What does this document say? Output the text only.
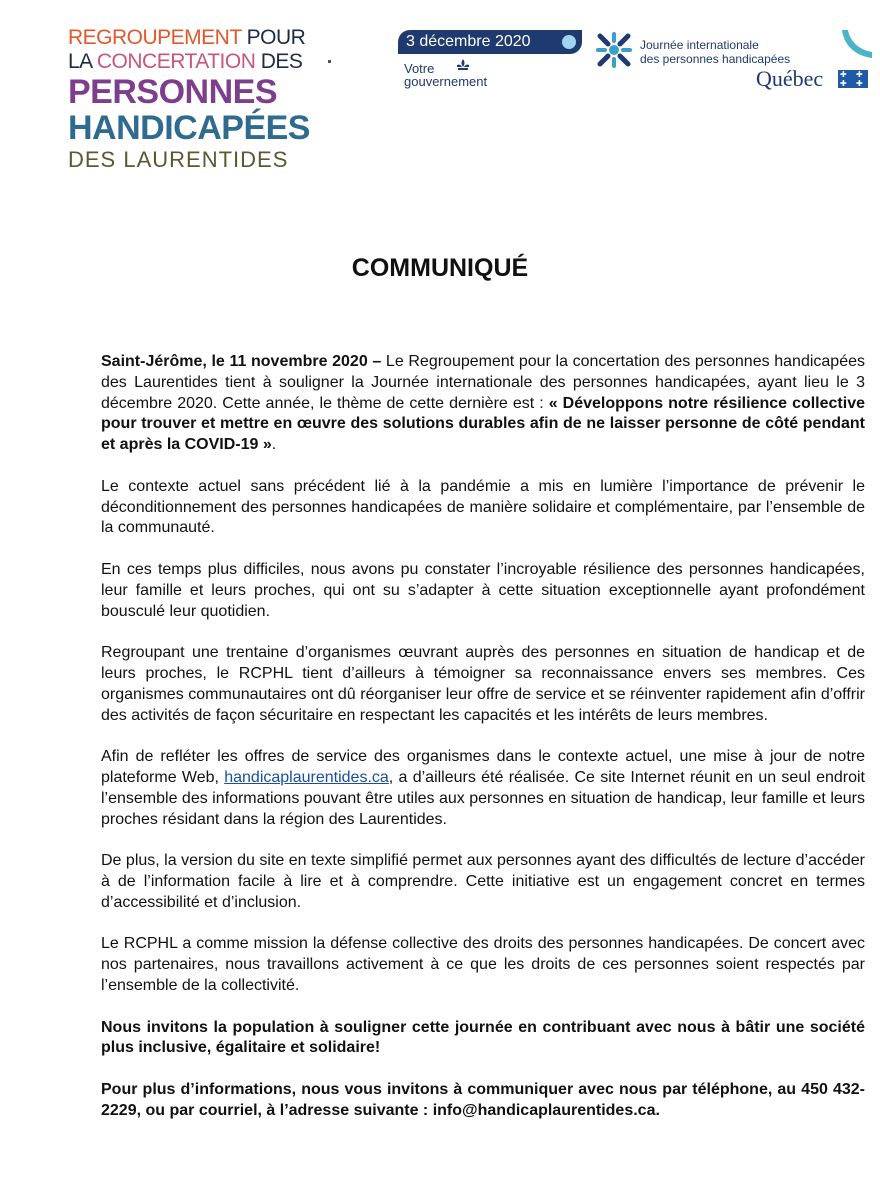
REGROUPEMENT POUR
LA CONCERTATION DES
PERSONNES
HANDICAPÉES
DES LAURENTIDES
3 décembre 2020
Votre
gouvernement
Journée internationale
des personnes handicapées
Québec ✚ ✚
✚ ✚
COMMUNIQUÉ

Saint-Jérôme, le 11 novembre 2020 – Le Regroupement pour la concertation des personnes handicapées des Laurentides tient à souligner la Journée internationale des personnes handicapées, ayant lieu le 3 décembre 2020. Cette année, le thème de cette dernière est : « Développons notre résilience collective pour trouver et mettre en œuvre des solutions durables afin de ne laisser personne de côté pendant et après la COVID-19 ».

Le contexte actuel sans précédent lié à la pandémie a mis en lumière l’importance de prévenir le déconditionnement des personnes handicapées de manière solidaire et complémentaire, par l’ensemble de la communauté.

En ces temps plus difficiles, nous avons pu constater l’incroyable résilience des personnes handicapées, leur famille et leurs proches, qui ont su s’adapter à cette situation exceptionnelle ayant profondément bousculé leur quotidien.

Regroupant une trentaine d’organismes œuvrant auprès des personnes en situation de handicap et de leurs proches, le RCPHL tient d’ailleurs à témoigner sa reconnaissance envers ses membres. Ces organismes communautaires ont dû réorganiser leur offre de service et se réinventer rapidement afin d’offrir des activités de façon sécuritaire en respectant les capacités et les intérêts de leurs membres.

Afin de refléter les offres de service des organismes dans le contexte actuel, une mise à jour de notre plateforme Web, handicaplaurentides.ca, a d’ailleurs été réalisée. Ce site Internet réunit en un seul endroit l’ensemble des informations pouvant être utiles aux personnes en situation de handicap, leur famille et leurs proches résidant dans la région des Laurentides.

De plus, la version du site en texte simplifié permet aux personnes ayant des difficultés de lecture d’accéder à de l’information facile à lire et à comprendre. Cette initiative est un engagement concret en termes d’accessibilité et d’inclusion.

Le RCPHL a comme mission la défense collective des droits des personnes handicapées. De concert avec nos partenaires, nous travaillons activement à ce que les droits de ces personnes soient respectés par l’ensemble de la collectivité.

Nous invitons la population à souligner cette journée en contribuant avec nous à bâtir une société plus inclusive, égalitaire et solidaire!

Pour plus d’informations, nous vous invitons à communiquer avec nous par téléphone, au 450 432-2229, ou par courriel, à l’adresse suivante : info@handicaplaurentides.ca.
